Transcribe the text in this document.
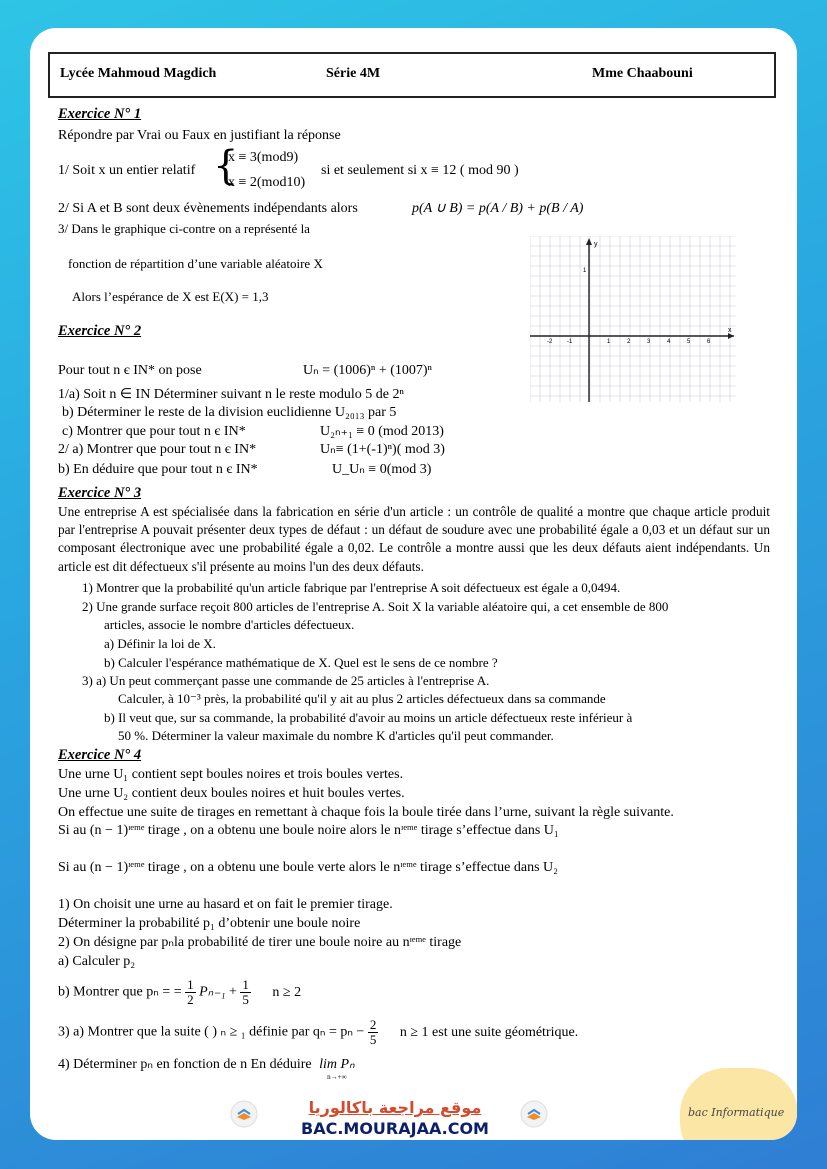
Lycée Mahmoud Magdich	Série 4M	Mme Chaabouni
Exercice N° 1
Répondre par Vrai ou Faux en justifiant la réponse
1/ Soit x un entier relatif {
x ≡ 3(mod9)
x ≡ 2(mod10)
si et seulement si x ≡ 12 ( mod 90 )
2/ Si A et B sont deux évènements indépendants alors	p(A ∪ B) = p(A / B) + p(B / A)
3/ Dans le graphique ci-contre on a représenté la
fonction de répartition d’une variable aléatoire X
Alors l’espérance de X est E(X) = 1,3
y
x
1
-2 -1	1	2	3	4	5	6
Exercice N° 2
Pour tout n є IN* on pose	Uₙ = (1006)ⁿ + (1007)ⁿ
1/a) Soit n ∈ IN Déterminer suivant n le reste modulo 5 de 2ⁿ
b) Déterminer le reste de la division euclidienne U₂₀₁₃ par 5
c) Montrer que pour tout n є IN*	U₂ₙ₊₁ ≡ 0 (mod 2013)
2/ a) Montrer que pour tout n є IN*	Uₙ≡ (1+(-1)ⁿ)( mod 3)
b) En déduire que pour tout n є IN*	U_Uₙ ≡ 0(mod 3)
Exercice N° 3
Une entreprise A est spécialisée dans la fabrication en série d'un article : un contrôle de qualité a montre que chaque article produit par l'entreprise A pouvait présenter deux types de défaut : un défaut de soudure avec une probabilité égale a 0,03 et un défaut sur un composant électronique avec une probabilité égale a 0,02. Le contrôle a montre aussi que les deux défauts aient indépendants. Un article est dit défectueux s'il présente au moins l'un des deux défauts.
1) Montrer que la probabilité qu'un article fabrique par l'entreprise A soit défectueux est égale a 0,0494.
2) Une grande surface reçoit 800 articles de l'entreprise A. Soit X la variable aléatoire qui, a cet ensemble de 800
articles, associe le nombre d'articles défectueux.
a) Définir la loi de X.
b) Calculer l'espérance mathématique de X. Quel est le sens de ce nombre ?
3) a) Un peut commerçant passe une commande de 25 articles à l'entreprise A.
Calculer, à 10⁻³ près, la probabilité qu'il y ait au plus 2 articles défectueux dans sa commande
b) Il veut que, sur sa commande, la probabilité d'avoir au moins un article défectueux reste inférieur à
50 %. Déterminer la valeur maximale du nombre K d'articles qu'il peut commander.
Exercice N° 4
Une urne U₁ contient sept boules noires et trois boules vertes.
Une urne U₂ contient deux boules noires et huit boules vertes.
On effectue une suite de tirages en remettant à chaque fois la boule tirée dans l’urne, suivant la règle suivante.
Si au (n − 1)ᶦᵉᵐᵉ tirage , on a obtenu une boule noire alors le nᶦᵉᵐᵉ tirage s’effectue dans U₁
Si au (n − 1)ᶦᵉᵐᵉ tirage , on a obtenu une boule verte alors le nᶦᵉᵐᵉ tirage s’effectue dans U₂
1) On choisit une urne au hasard et on fait le premier tirage.
Déterminer la probabilité p₁ d’obtenir une boule noire
2) On désigne par pₙla probabilité de tirer une boule noire au nᶦᵉᵐᵉ tirage
a) Calculer p₂
b) Montrer que pₙ = = $\frac{1}{2} P_{n-1} + \frac{1}{5}$ n ≥ 2
3) a) Montrer que la suite ( ) ₙ ≥ ₁ définie par $q_n = p_n - \frac{2}{5}$ n ≥ 1 est une suite géométrique.
4) Déterminer pₙ en fonction de n En déduire lim Pₙ
n→+∞
موقع مراجعة باكالوريا
BAC.MOURAJAA.COM
bac Informatique
